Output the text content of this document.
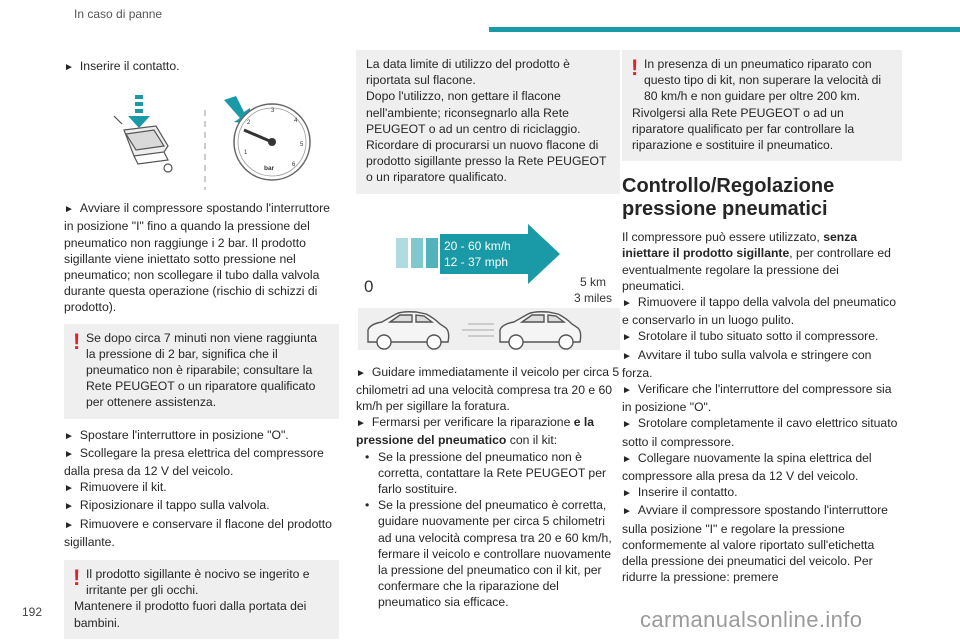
In caso di panne

► Inserire il contatto.

1
2
3
4
5
6
bar

► Avviare il compressore spostando l'interruttore in posizione "I" fino a quando la pressione del pneumatico non raggiunge i 2 bar. Il prodotto sigillante viene iniettato sotto pressione nel pneumatico; non scollegare il tubo dalla valvola durante questa operazione (rischio di schizzi di prodotto).

! Se dopo circa 7 minuti non viene raggiunta la pressione di 2 bar, significa che il pneumatico non è riparabile; consultare la Rete PEUGEOT o un riparatore qualificato per ottenere assistenza.

► Spostare l'interruttore in posizione "O".

► Scollegare la presa elettrica del compressore dalla presa da 12 V del veicolo.

► Rimuovere il kit.

► Riposizionare il tappo sulla valvola.

► Rimuovere e conservare il flacone del prodotto sigillante.

! Il prodotto sigillante è nocivo se ingerito e irritante per gli occhi.

Mantenere il prodotto fuori dalla portata dei bambini.

La data limite di utilizzo del prodotto è riportata sul flacone.

Dopo l'utilizzo, non gettare il flacone nell'ambiente; riconsegnarlo alla Rete PEUGEOT o ad un centro di riciclaggio.

Ricordare di procurarsi un nuovo flacone di prodotto sigillante presso la Rete PEUGEOT o un riparatore qualificato.

20 - 60 km/h
12 - 37 mph
0	5 km
3 miles

► Guidare immediatamente il veicolo per circa 5 chilometri ad una velocità compresa tra 20 e 60 km/h per sigillare la foratura.

► Fermarsi per verificare la riparazione e la pressione del pneumatico con il kit:

• Se la pressione del pneumatico non è corretta, contattare la Rete PEUGEOT per farlo sostituire.

• Se la pressione del pneumatico è corretta, guidare nuovamente per circa 5 chilometri ad una velocità compresa tra 20 e 60 km/h, fermare il veicolo e controllare nuovamente la pressione del pneumatico con il kit, per confermare che la riparazione del pneumatico sia efficace.

! In presenza di un pneumatico riparato con questo tipo di kit, non superare la velocità di 80 km/h e non guidare per oltre 200 km.

Rivolgersi alla Rete PEUGEOT o ad un riparatore qualificato per far controllare la riparazione e sostituire il pneumatico.

Controllo/Regolazione pressione pneumatici

Il compressore può essere utilizzato, senza iniettare il prodotto sigillante, per controllare ed eventualmente regolare la pressione dei pneumatici.

► Rimuovere il tappo della valvola del pneumatico e conservarlo in un luogo pulito.

► Srotolare il tubo situato sotto il compressore.

► Avvitare il tubo sulla valvola e stringere con forza.

► Verificare che l'interruttore del compressore sia in posizione "O".

► Srotolare completamente il cavo elettrico situato sotto il compressore.

► Collegare nuovamente la spina elettrica del compressore alla presa da 12 V del veicolo.

► Inserire il contatto.

► Avviare il compressore spostando l'interruttore sulla posizione "I" e regolare la pressione conformemente al valore riportato sull'etichetta della pressione dei pneumatici del veicolo. Per ridurre la pressione: premere

192	carmanualsonline.info
